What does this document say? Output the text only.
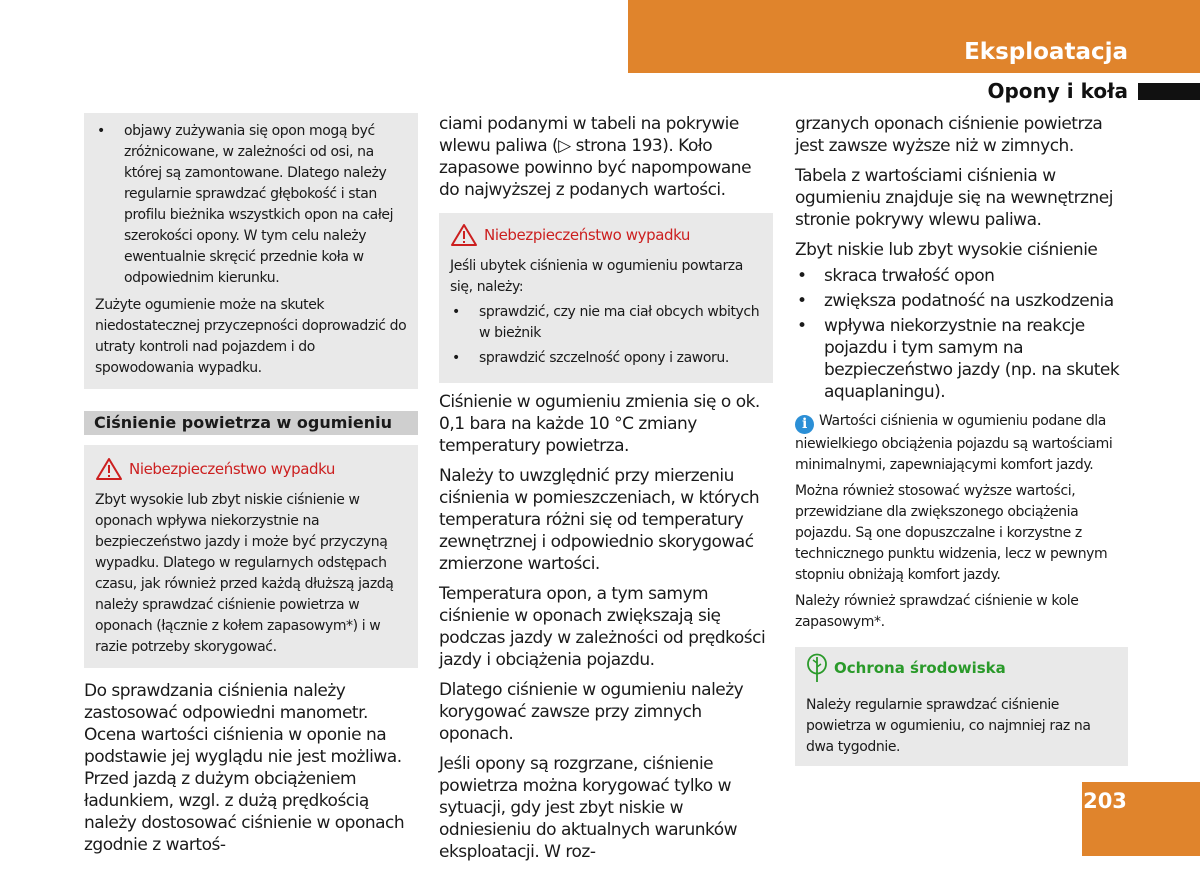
Eksploatacja
Opony i koła
• objawy zużywania się opon mogą być zróżnicowane, w zależności od osi, na której są zamontowane. Dlatego należy regularnie sprawdzać głębokość i stan profilu bieżnika wszystkich opon na całej szerokości opony. W tym celu należy ewentualnie skręcić przednie koła w odpowiednim kierunku.

Zużyte ogumienie może na skutek niedostatecznej przyczepności doprowadzić do utraty kontroli nad pojazdem i do spowodowania wypadku.

Ciśnienie powietrza w ogumieniu
Niebezpieczeństwo wypadku

Zbyt wysokie lub zbyt niskie ciśnienie w oponach wpływa niekorzystnie na bezpieczeństwo jazdy i może być przyczyną wypadku. Dlatego w regularnych odstępach czasu, jak również przed każdą dłuższą jazdą należy sprawdzać ciśnienie powietrza w oponach (łącznie z kołem zapasowym*) i w razie potrzeby skorygować.

Do sprawdzania ciśnienia należy zastosować odpowiedni manometr. Ocena wartości ciśnienia w oponie na podstawie jej wyglądu nie jest możliwa. Przed jazdą z dużym obciążeniem ładunkiem, wzgl. z dużą prędkością należy dostosować ciśnienie w oponach zgodnie z wartoś-

ciami podanymi w tabeli na pokrywie wlewu paliwa (▷ strona 193). Koło zapasowe powinno być napompowane do najwyższej z podanych wartości.

Niebezpieczeństwo wypadku

Jeśli ubytek ciśnienia w ogumieniu powtarza się, należy:

• sprawdzić, czy nie ma ciał obcych wbitych w bieżnik
• sprawdzić szczelność opony i zaworu.

Ciśnienie w ogumieniu zmienia się o ok. 0,1 bara na każde 10 °C zmiany temperatury powietrza.

Należy to uwzględnić przy mierzeniu ciśnienia w pomieszczeniach, w których temperatura różni się od temperatury zewnętrznej i odpowiednio skorygować zmierzone wartości.

Temperatura opon, a tym samym ciśnienie w oponach zwiększają się podczas jazdy w zależności od prędkości jazdy i obciążenia pojazdu.

Dlatego ciśnienie w ogumieniu należy korygować zawsze przy zimnych oponach.

Jeśli opony są rozgrzane, ciśnienie powietrza można korygować tylko w sytuacji, gdy jest zbyt niskie w odniesieniu do aktualnych warunków eksploatacji. W roz-

grzanych oponach ciśnienie powietrza jest zawsze wyższe niż w zimnych.

Tabela z wartościami ciśnienia w ogumieniu znajduje się na wewnętrznej stronie pokrywy wlewu paliwa.

Zbyt niskie lub zbyt wysokie ciśnienie

• skraca trwałość opon
• zwiększa podatność na uszkodzenia
• wpływa niekorzystnie na reakcje pojazdu i tym samym na bezpieczeństwo jazdy (np. na skutek aquaplaningu).

i Wartości ciśnienia w ogumieniu podane dla niewielkiego obciążenia pojazdu są wartościami minimalnymi, zapewniającymi komfort jazdy.

Można również stosować wyższe wartości, przewidziane dla zwiększonego obciążenia pojazdu. Są one dopuszczalne i korzystne z technicznego punktu widzenia, lecz w pewnym stopniu obniżają komfort jazdy.

Należy również sprawdzać ciśnienie w kole zapasowym*.

Ochrona środowiska

Należy regularnie sprawdzać ciśnienie powietrza w ogumieniu, co najmniej raz na dwa tygodnie.

203
